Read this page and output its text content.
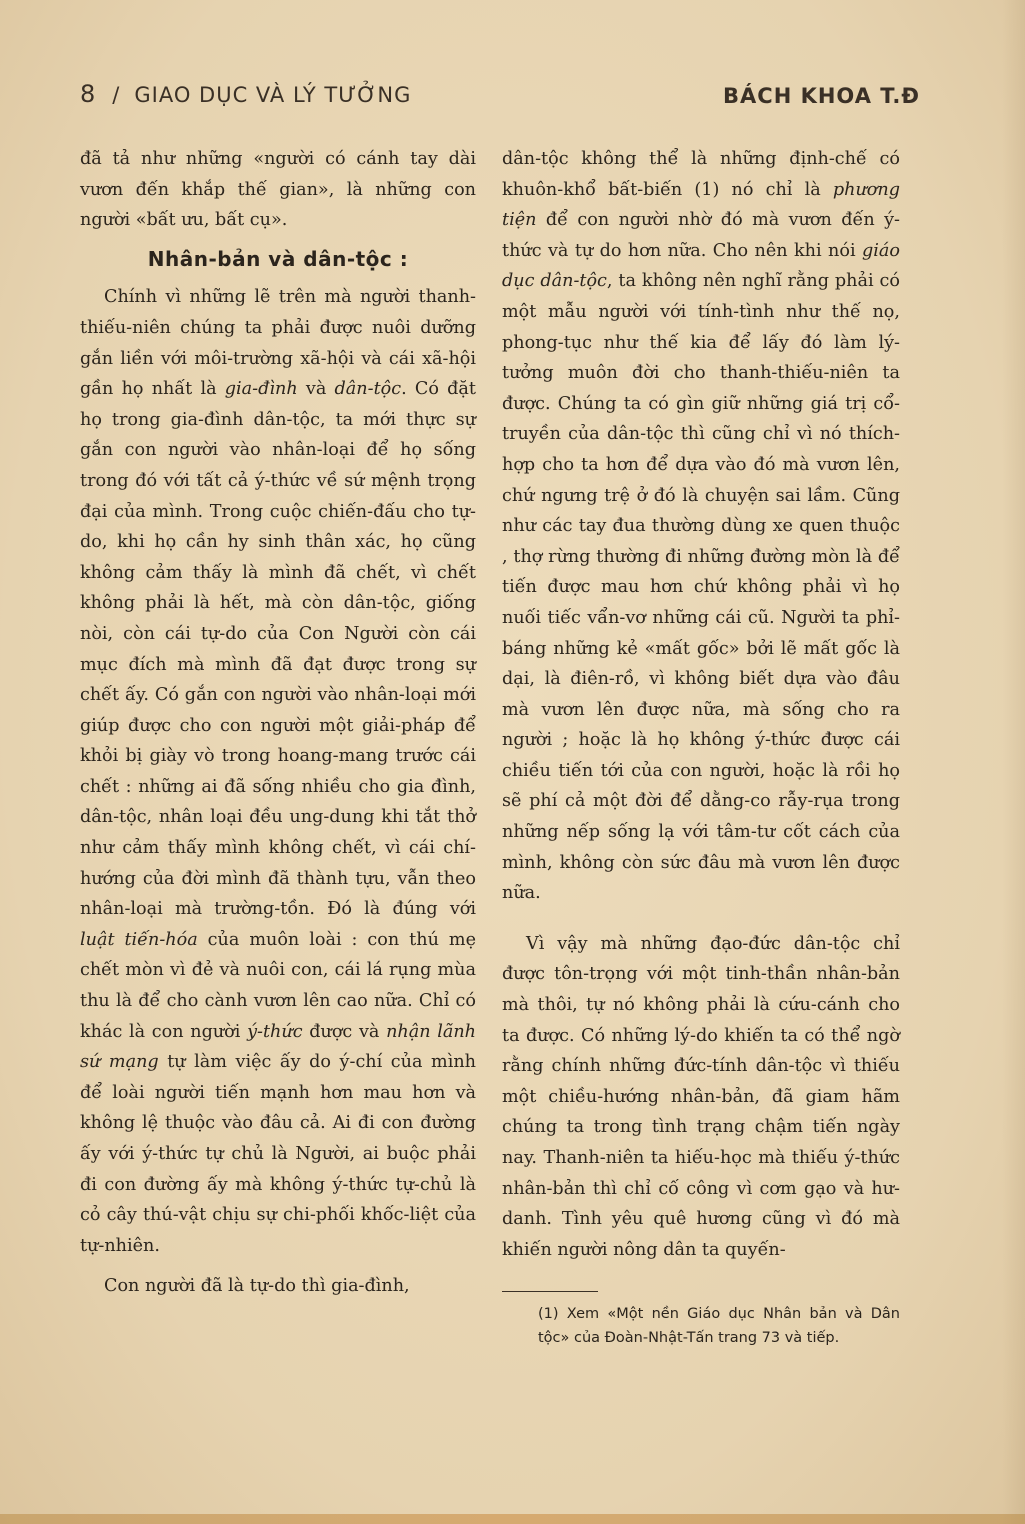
8 / GIAO DỤC VÀ LÝ TƯỞNG	BÁCH KHOA T.Đ

đã tả như những «người có cánh tay dài vươn đến khắp thế gian», là những con người «bất ưu, bất cụ».

Nhân-bản và dân-tộc :

Chính vì những lẽ trên mà người thanh-thiếu-niên chúng ta phải được nuôi dưỡng gắn liền với môi-trường xã-hội và cái xã-hội gần họ nhất là gia-đình và dân-tộc. Có đặt họ trong gia-đình dân-tộc, ta mới thực sự gắn con người vào nhân-loại để họ sống trong đó với tất cả ý-thức về sứ mệnh trọng đại của mình. Trong cuộc chiến-đấu cho tự-do, khi họ cần hy sinh thân xác, họ cũng không cảm thấy là mình đã chết, vì chết không phải là hết, mà còn dân-tộc, giống nòi, còn cái tự-do của Con Người còn cái mục đích mà mình đã đạt được trong sự chết ấy. Có gắn con người vào nhân-loại mới giúp được cho con người một giải-pháp để khỏi bị giày vò trong hoang-mang trước cái chết : những ai đã sống nhiều cho gia đình, dân-tộc, nhân loại đều ung-dung khi tắt thở như cảm thấy mình không chết, vì cái chí-hướng của đời mình đã thành tựu, vẫn theo nhân-loại mà trường-tồn. Đó là đúng với luật tiến-hóa của muôn loài : con thú mẹ chết mòn vì đẻ và nuôi con, cái lá rụng mùa thu là để cho cành vươn lên cao nữa. Chỉ có khác là con người ý-thức được và nhận lãnh sứ mạng tự làm việc ấy do ý-chí của mình để loài người tiến mạnh hơn mau hơn và không lệ thuộc vào đâu cả. Ai đi con đường ấy với ý-thức tự chủ là Người, ai buộc phải đi con đường ấy mà không ý-thức tự-chủ là cỏ cây thú-vật chịu sự chi-phối khốc-liệt của tự-nhiên.

Con người đã là tự-do thì gia-đình,

dân-tộc không thể là những định-chế có khuôn-khổ bất-biến (1) nó chỉ là phương tiện để con người nhờ đó mà vươn đến ý-thức và tự do hơn nữa. Cho nên khi nói giáo dục dân-tộc, ta không nên nghĩ rằng phải có một mẫu người với tính-tình như thế nọ, phong-tục như thế kia để lấy đó làm lý-tưởng muôn đời cho thanh-thiếu-niên ta được. Chúng ta có gìn giữ những giá trị cổ-truyền của dân-tộc thì cũng chỉ vì nó thích-hợp cho ta hơn để dựa vào đó mà vươn lên, chứ ngưng trệ ở đó là chuyện sai lầm. Cũng như các tay đua thường dùng xe quen thuộc , thợ rừng thường đi những đường mòn là để tiến được mau hơn chứ không phải vì họ nuối tiếc vẩn-vơ những cái cũ. Người ta phỉ-báng những kẻ «mất gốc» bởi lẽ mất gốc là dại, là điên-rồ, vì không biết dựa vào đâu mà vươn lên được nữa, mà sống cho ra người ; hoặc là họ không ý-thức được cái chiều tiến tới của con người, hoặc là rồi họ sẽ phí cả một đời để dằng-co rẫy-rụa trong những nếp sống lạ với tâm-tư cốt cách của mình, không còn sức đâu mà vươn lên được nữa.

Vì vậy mà những đạo-đức dân-tộc chỉ được tôn-trọng với một tinh-thần nhân-bản mà thôi, tự nó không phải là cứu-cánh cho ta được. Có những lý-do khiến ta có thể ngờ rằng chính những đức-tính dân-tộc vì thiếu một chiều-hướng nhân-bản, đã giam hãm chúng ta trong tình trạng chậm tiến ngày nay. Thanh-niên ta hiếu-học mà thiếu ý-thức nhân-bản thì chỉ cố công vì cơm gạo và hư-danh. Tình yêu quê hương cũng vì đó mà khiến người nông dân ta quyến-

(1) Xem «Một nền Giáo dục Nhân bản và Dân tộc» của Đoàn-Nhật-Tấn trang 73 và tiếp.
